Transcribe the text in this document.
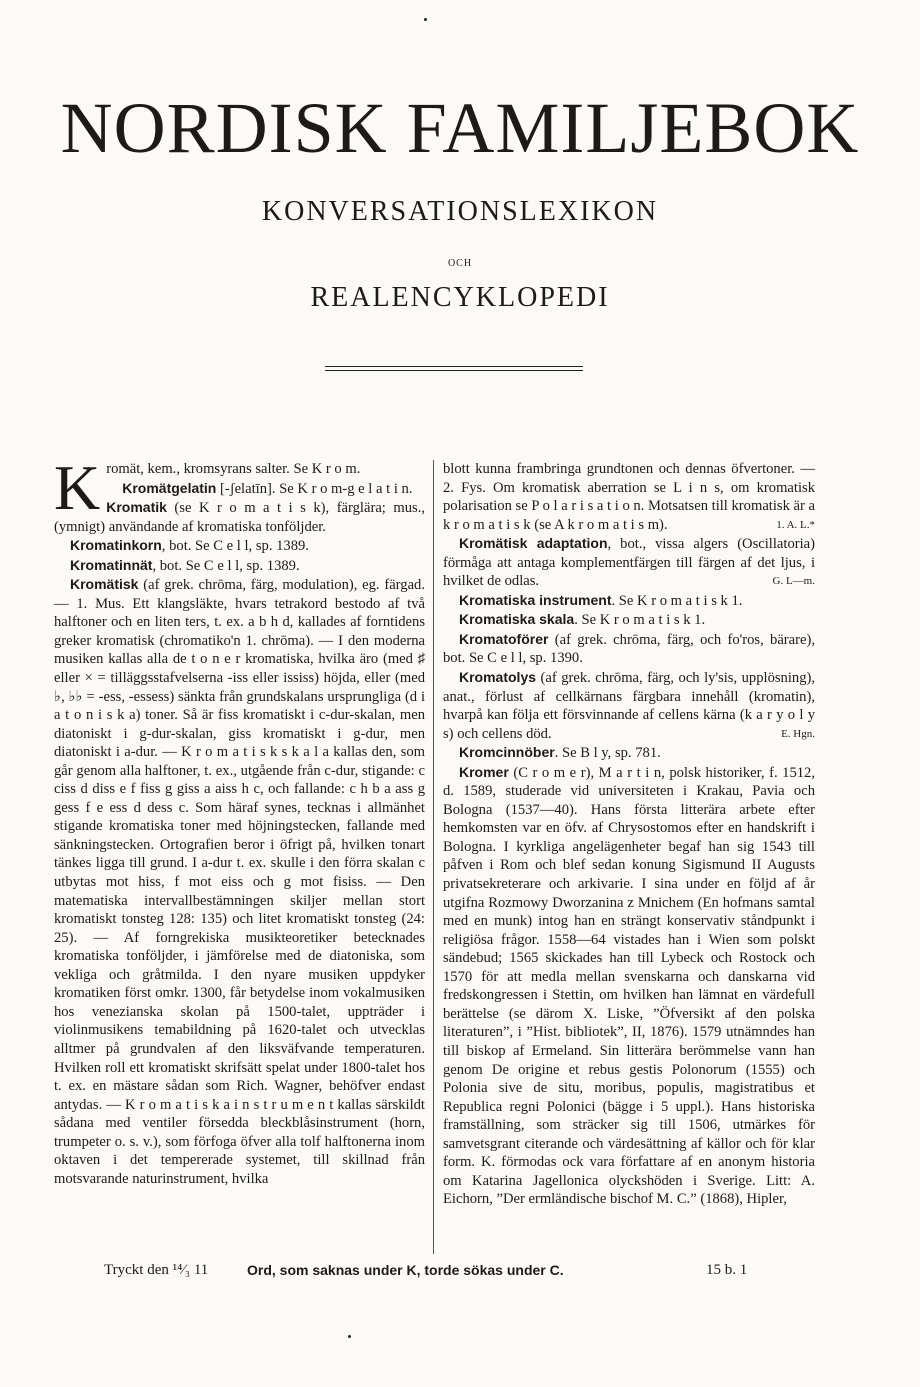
NORDISK FAMILJEBOK
KONVERSATIONSLEXIKON
OCH
REALENCYKLOPEDI
K romät, kem., kromsyrans salter. Se K r o m.

Kromätgelatin [-ʃelatīn]. Se K r o m-g e l a t i n.

Kromatik (se K r o m a t i s k), färglära; mus., (ymnigt) användande af kromatiska tonföljder.

Kromatinkorn, bot. Se C e l l, sp. 1389.

Kromatinnät, bot. Se C e l l, sp. 1389.

Kromätisk (af grek. chrōma, färg, modulation), eg. färgad. — 1. Mus. Ett klangsläkte, hvars tetrakord bestodo af två halftoner och en liten ters, t. ex. a b h d, kallades af forntidens greker kromatisk (chromatiko'n 1. chrōma). — I den moderna musiken kallas alla de t o n e r kromatiska, hvilka äro (med ♯ eller × = tilläggsstafvelserna -iss eller ississ) höjda, eller (med ♭, ♭♭ = -ess, -essess) sänkta från grundskalans ursprungliga (d i a t o n i s k a) toner. Så är fiss kromatiskt i c-dur-skalan, men diatoniskt i g-dur-skalan, giss kromatiskt i g-dur, men diatoniskt i a-dur. — K r o m a t i s k s k a l a kallas den, som går genom alla halftoner, t. ex., utgående från c-dur, stigande: c ciss d diss e f fiss g giss a aiss h c, och fallande: c h b a ass g gess f e ess d dess c. Som häraf synes, tecknas i allmänhet stigande kromatiska toner med höjningstecken, fallande med sänkningstecken. Ortografien beror i öfrigt på, hvilken tonart tänkes ligga till grund. I a-dur t. ex. skulle i den förra skalan c utbytas mot hiss, f mot eiss och g mot fisiss. — Den matematiska intervallbestämningen skiljer mellan stort kromatiskt tonsteg 128: 135) och litet kromatiskt tonsteg (24: 25). — Af forngrekiska musikteoretiker betecknades kromatiska tonföljder, i jämförelse med de diatoniska, som vekliga och gråtmilda. I den nyare musiken uppdyker kromatiken först omkr. 1300, får betydelse inom vokalmusiken hos venezianska skolan på 1500-talet, uppträder i violinmusikens temabildning på 1620-talet och utvecklas alltmer på grundvalen af den liksväfvande temperaturen. Hvilken roll ett kromatiskt skrifsätt spelat under 1800-talet hos t. ex. en mästare sådan som Rich. Wagner, behöfver endast antydas. — K r o m a t i s k a i n s t r u m e n t kallas särskildt sådana med ventiler försedda bleckblåsinstrument (horn, trumpeter o. s. v.), som förfoga öfver alla tolf halftonerna inom oktaven i det tempererade systemet, till skillnad från motsvarande naturinstrument, hvilka

blott kunna frambringa grundtonen och dennas öfvertoner. — 2. Fys. Om kromatisk aberration se L i n s, om kromatisk polarisation se P o l a r i s a t i o n. Motsatsen till kromatisk är a k r o m a t i s k (se A k r o m a t i s m).	1. A. L.*

Kromätisk adaptation, bot., vissa algers (Oscillatoria) förmåga att antaga komplementfärgen till färgen af det ljus, i hvilket de odlas.	G. L—m.

Kromatiska instrument. Se K r o m a t i s k 1.

Kromatiska skala. Se K r o m a t i s k 1.

Kromatoförer (af grek. chrōma, färg, och fo'ros, bärare), bot. Se C e l l, sp. 1390.

Kromatolys (af grek. chrōma, färg, och ly'sis, upplösning), anat., förlust af cellkärnans färgbara innehåll (kromatin), hvarpå kan följa ett försvinnande af cellens kärna (k a r y o l y s) och cellens död.	E. Hgn.

Kromcinnöber. Se B l y, sp. 781.

Kromer (C r o m e r), M a r t i n, polsk historiker, f. 1512, d. 1589, studerade vid universiteten i Krakau, Pavia och Bologna (1537—40). Hans första litterära arbete efter hemkomsten var en öfv. af Chrysostomos efter en handskrift i Bologna. I kyrkliga angelägenheter begaf han sig 1543 till påfven i Rom och blef sedan konung Sigismund II Augusts privatsekreterare och arkivarie. I sina under en följd af år utgifna Rozmowy Dworzanina z Mnichem (En hofmans samtal med en munk) intog han en strängt konservativ ståndpunkt i religiösa frågor. 1558—64 vistades han i Wien som polskt sändebud; 1565 skickades han till Lybeck och Rostock och 1570 för att medla mellan svenskarna och danskarna vid fredskongressen i Stettin, om hvilken han lämnat en värdefull berättelse (se därom X. Liske, ”Öfversikt af den polska literaturen”, i ”Hist. bibliotek”, II, 1876). 1579 utnämndes han till biskop af Ermeland. Sin litterära berömmelse vann han genom De origine et rebus gestis Polonorum (1555) och Polonia sive de situ, moribus, populis, magistratibus et Republica regni Polonici (bägge i 5 uppl.). Hans historiska framställning, som sträcker sig till 1506, utmärkes för samvetsgrant citerande och värdesättning af källor och för klar form. K. förmodas ock vara författare af en anonym historia om Katarina Jagellonica olyckshöden i Sverige. Litt: A. Eichorn, ”Der ermländische bischof M. C.” (1868), Hipler,

Tryckt den ¹⁴⁄₃ 11	Ord, som saknas under K, torde sökas under C.	15 b. 1
